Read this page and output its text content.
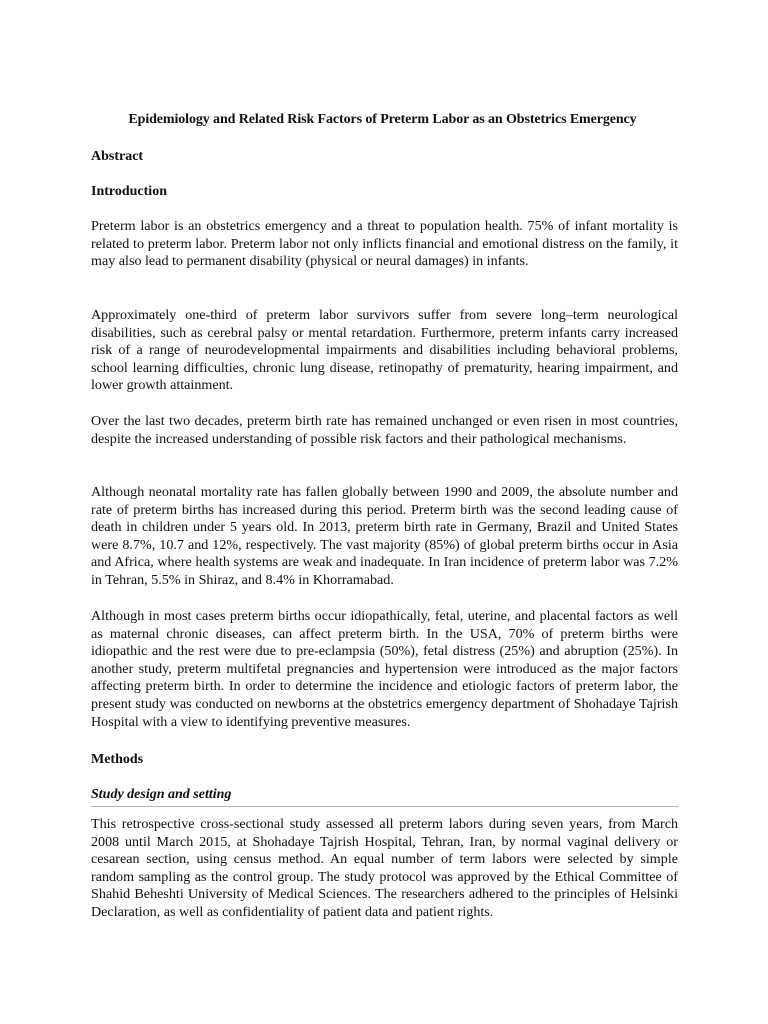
Epidemiology and Related Risk Factors of Preterm Labor as an Obstetrics Emergency

Abstract

Introduction

Preterm labor is an obstetrics emergency and a threat to population health. 75% of infant mortality is related to preterm labor. Preterm labor not only inflicts financial and emotional distress on the family, it may also lead to permanent disability (physical or neural damages) in infants.

Approximately one-third of preterm labor survivors suffer from severe long–term neurological disabilities, such as cerebral palsy or mental retardation. Furthermore, preterm infants carry increased risk of a range of neurodevelopmental impairments and disabilities including behavioral problems, school learning difficulties, chronic lung disease, retinopathy of prematurity, hearing impairment, and lower growth attainment.

Over the last two decades, preterm birth rate has remained unchanged or even risen in most countries, despite the increased understanding of possible risk factors and their pathological mechanisms.

Although neonatal mortality rate has fallen globally between 1990 and 2009, the absolute number and rate of preterm births has increased during this period. Preterm birth was the second leading cause of death in children under 5 years old. In 2013, preterm birth rate in Germany, Brazil and United States were 8.7%, 10.7 and 12%, respectively. The vast majority (85%) of global preterm births occur in Asia and Africa, where health systems are weak and inadequate. In Iran incidence of preterm labor was 7.2% in Tehran, 5.5% in Shiraz, and 8.4% in Khorramabad.

Although in most cases preterm births occur idiopathically, fetal, uterine, and placental factors as well as maternal chronic diseases, can affect preterm birth. In the USA, 70% of preterm births were idiopathic and the rest were due to pre-eclampsia (50%), fetal distress (25%) and abruption (25%). In another study, preterm multifetal pregnancies and hypertension were introduced as the major factors affecting preterm birth. In order to determine the incidence and etiologic factors of preterm labor, the present study was conducted on newborns at the obstetrics emergency department of Shohadaye Tajrish Hospital with a view to identifying preventive measures.

Methods

Study design and setting

This retrospective cross-sectional study assessed all preterm labors during seven years, from March 2008 until March 2015, at Shohadaye Tajrish Hospital, Tehran, Iran, by normal vaginal delivery or cesarean section, using census method. An equal number of term labors were selected by simple random sampling as the control group. The study protocol was approved by the Ethical Committee of Shahid Beheshti University of Medical Sciences. The researchers adhered to the principles of Helsinki Declaration, as well as confidentiality of patient data and patient rights.
